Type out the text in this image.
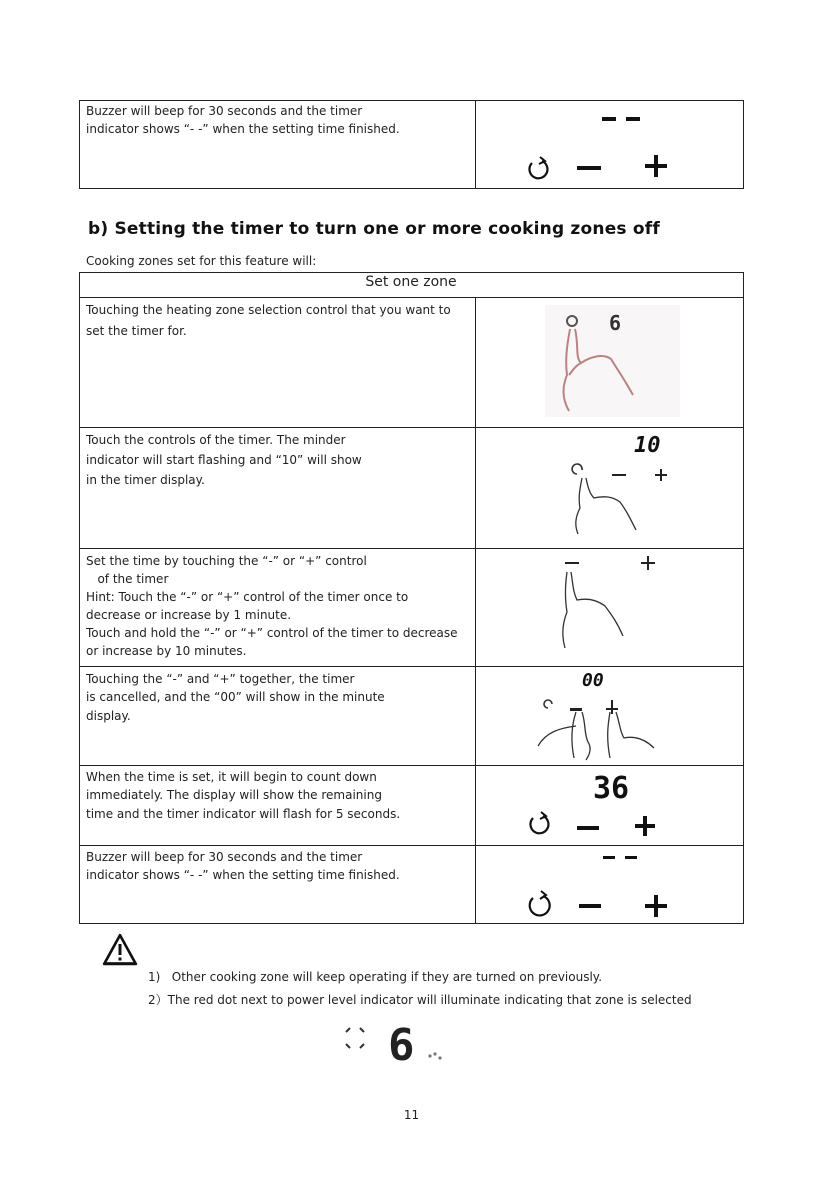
Buzzer will beep for 30 seconds and the timer
indicator shows “- -” when the setting time finished.
b) Setting the timer to turn one or more cooking zones off
Cooking zones set for this feature will:
Set one zone
Touching the heating zone selection control that you want to
set the timer for.	6
Touch the controls of the timer. The minder
indicator will start flashing and “10” will show
in the timer display.
10
Set the time by touching the “-” or “+” control
of the timer
Hint: Touch the “-” or “+” control of the timer once to
decrease or increase by 1 minute.
Touch and hold the “-” or “+” control of the timer to decrease
or increase by 10 minutes.
Touching the “-” and “+” together, the timer
is cancelled, and the “00” will show in the minute
display.
00
When the time is set, it will begin to count down
immediately. The display will show the remaining
time and the timer indicator will flash for 5 seconds.
36
Buzzer will beep for 30 seconds and the timer
indicator shows “- -” when the setting time finished.
1)   Other cooking zone will keep operating if they are turned on previously.
2）The red dot next to power level indicator will illuminate indicating that zone is selected
6
11
